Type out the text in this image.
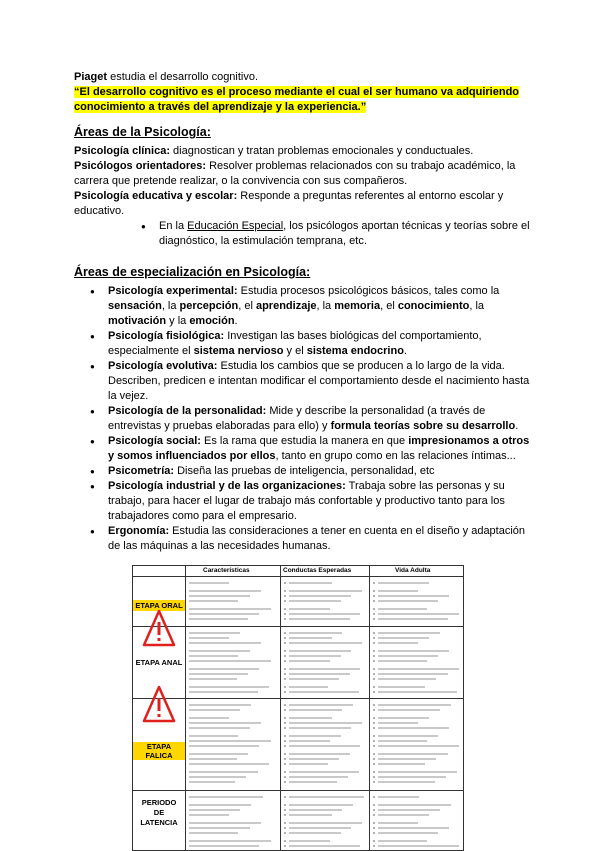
Piaget estudia el desarrollo cognitivo.

“El desarrollo cognitivo es el proceso mediante el cual el ser humano va adquiriendo conocimiento a través del aprendizaje y la experiencia.”

Áreas de la Psicología:

Psicología clínica: diagnostican y tratan problemas emocionales y conductuales.

Psicólogos orientadores: Resolver problemas relacionados con su trabajo académico, la carrera que pretende realizar, o la convivencia con sus compañeros.

Psicología educativa y escolar: Responde a preguntas referentes al entorno escolar y educativo.

● En la Educación Especial, los psicólogos aportan técnicas y teorías sobre el diagnóstico, la estimulación temprana, etc.

Áreas de especialización en Psicología:

● Psicología experimental: Estudia procesos psicológicos básicos, tales como la sensación, la percepción, el aprendizaje, la memoria, el conocimiento, la motivación y la emoción.
● Psicología fisiológica: Investigan las bases biológicas del comportamiento, especialmente el sistema nervioso y el sistema endocrino.
● Psicología evolutiva: Estudia los cambios que se producen a lo largo de la vida. Describen, predicen e intentan modificar el comportamiento desde el nacimiento hasta la vejez.
● Psicología de la personalidad: Mide y describe la personalidad (a través de entrevistas y pruebas elaboradas para ello) y formula teorías sobre su desarrollo.
● Psicología social: Es la rama que estudia la manera en que impresionamos a otros y somos influenciados por ellos, tanto en grupo como en las relaciones íntimas...
● Psicometría: Diseña las pruebas de inteligencia, personalidad, etc
● Psicología industrial y de las organizaciones: Trabaja sobre las personas y su trabajo, para hacer el lugar de trabajo más confortable y productivo tanto para los trabajadores como para el empresario.
● Ergonomía: Estudia las consideraciones a tener en cuenta en el diseño y adaptación de las máquinas a las necesidades humanas.
Características	Conductas Esperadas	Vida Adulta
ETAPA ORAL
ETAPA ANAL
ETAPA
FALICA
PERIODO
DE
LATENCIA
